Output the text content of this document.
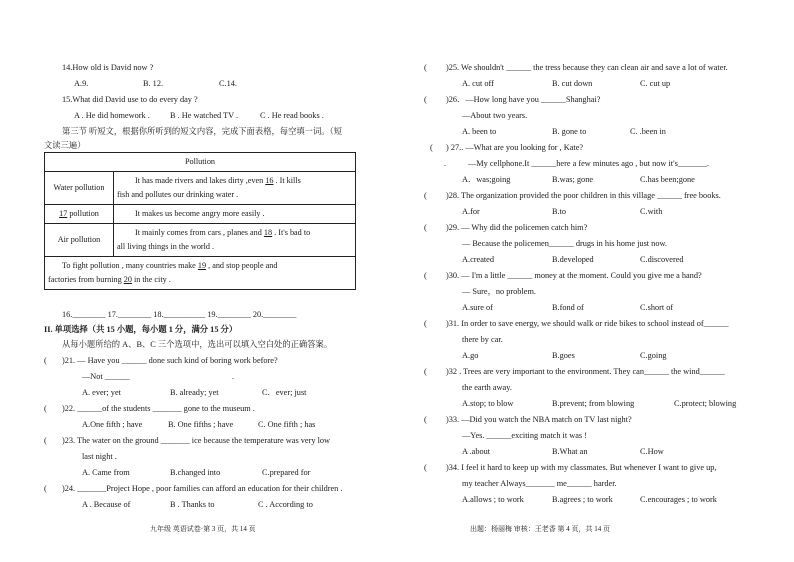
14.How old is David now ?
A.9.	B. 12.	C.14.
15.What did David use to do every day ?
A . He did homework . B . He watched TV .	C . He read books .
第三节 听短文，根据你所听到的短文内容，完成下面表格，每空填一词。（短
文读三遍）
Pollution	
Water pollution	It has made rivers and lakes dirty ,even 16 . It kills
fish and pollutes our drinking water .
17 pollution	It makes us become angry more easily .
Air pollution	It mainly comes from cars , planes and 18 . It's bad to
all living things in the world .
To fight pollution , many countries make 19 , and stop people and
factories from burning 20 in the city .	
16.________ 17.________ 18.__________ 19.________ 20.________
II. 单项选择（共 15 小题，每小题 1 分，满分 15 分）
从每小题所给的 A、B、C 三个选项中，选出可以填入空白处的正确答案。
( )21. — Have you ______ done such kind of boring work before?
—Not ______	.
A. ever; yet	B. already; yet	C．ever; just
( )22. ______of the students _______ gone to the museum .
A.One fifth ; have	B. One fifths ; have	C. One fifth ; has
( )23. The water on the ground _______ ice because the temperature was very low
last night .
A. Came from	B.changed into	C.prepared for
( )24. _______Project Hope , poor families can afford an education for their children .
A . Because of	B . Thanks to	C . According to
九年级 英语试卷·第 3 页，共 14 页
( )25. We shouldn't ______ the tress because they can clean air and save a lot of water.
A. cut off	B. cut down	C. cut up
( )26．—How long have you ______Shanghai?
—About two years.
A. been to	B. gone to	C. .been in
( ) 27.. —What are you looking for , Kate?
.	—My cellphone.It ______here a few minutes ago , but now it's_______.
A．was;going	B.was; gone	C.has been;gone
( )28. The organization provided the poor children in this village ______ free books.
A.for	B.to	C.with
( )29. — Why did the policemen catch him?
— Because the policemen______ drugs in his home just now.
A.created	B.developed	C.discovered
( )30. — I'm a little ______ money at the moment. Could you give me a hand?
— Sure，no problem.
A.sure of	B.fond of	C.short of
( )31. In order to save energy, we should walk or ride bikes to school instead of______
there by car.
A.go	B.goes	C.going
( )32 . Trees are very important to the environment. They can______ the wind______
the earth away.
A.stop; to blow	B.prevent; from blowing	C.protect; blowing
( )33. —Did you watch the NBA match on TV last night?
—Yes. ______exciting match it was !
A .about	B.What an	C.How
( )34. I feel it hard to keep up with my classmates. But whenever I want to give up,
my teacher Always_______ me______ harder.
A.allows ; to work	B.agrees ; to work	C.encourages ; to work
出题：杨丽梅 审核：王老香 第 4 页，共 14 页
